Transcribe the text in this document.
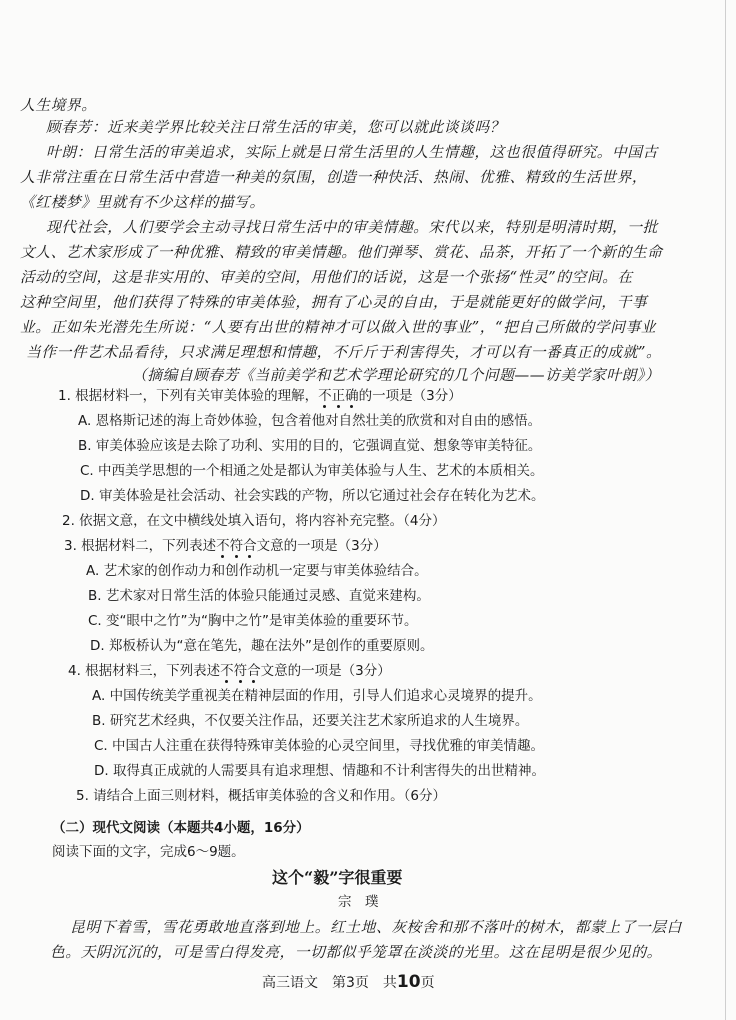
人生境界。
顾春芳：近来美学界比较关注日常生活的审美，您可以就此谈谈吗？
叶朗：日常生活的审美追求，实际上就是日常生活里的人生情趣，这也很值得研究。中国古
人非常注重在日常生活中营造一种美的氛围，创造一种快活、热闹、优雅、精致的生活世界，
《红楼梦》里就有不少这样的描写。
现代社会，人们要学会主动寻找日常生活中的审美情趣。宋代以来，特别是明清时期，一批
文人、艺术家形成了一种优雅、精致的审美情趣。他们弹琴、赏花、品茶，开拓了一个新的生命
活动的空间，这是非实用的、审美的空间，用他们的话说，这是一个张扬“性灵”的空间。在
这种空间里，他们获得了特殊的审美体验，拥有了心灵的自由，于是就能更好的做学问，干事
业。正如朱光潜先生所说：“人要有出世的精神才可以做入世的事业”，“把自己所做的学问事业
当作一件艺术品看待，只求满足理想和情趣，不斤斤于利害得失，才可以有一番真正的成就”。
（摘编自顾春芳《当前美学和艺术学理论研究的几个问题——访美学家叶朗》）
1. 根据材料一，下列有关审美体验的理解，不正确的一项是（3分）
A. 恩格斯记述的海上奇妙体验，包含着他对自然壮美的欣赏和对自由的感悟。
B. 审美体验应该是去除了功利、实用的目的，它强调直觉、想象等审美特征。
C. 中西美学思想的一个相通之处是都认为审美体验与人生、艺术的本质相关。
D. 审美体验是社会活动、社会实践的产物，所以它通过社会存在转化为艺术。
2. 依据文意，在文中横线处填入语句，将内容补充完整。（4分）
3. 根据材料二，下列表述不符合文意的一项是（3分）
A. 艺术家的创作动力和创作动机一定要与审美体验结合。
B. 艺术家对日常生活的体验只能通过灵感、直觉来建构。
C. 变“眼中之竹”为“胸中之竹”是审美体验的重要环节。
D. 郑板桥认为“意在笔先，趣在法外”是创作的重要原则。
4. 根据材料三，下列表述不符合文意的一项是（3分）
A. 中国传统美学重视美在精神层面的作用，引导人们追求心灵境界的提升。
B. 研究艺术经典，不仅要关注作品，还要关注艺术家所追求的人生境界。
C. 中国古人注重在获得特殊审美体验的心灵空间里，寻找优雅的审美情趣。
D. 取得真正成就的人需要具有追求理想、情趣和不计利害得失的出世精神。
5. 请结合上面三则材料，概括审美体验的含义和作用。（6分）
（二）现代文阅读（本题共4小题，16分）
阅读下面的文字，完成6～9题。
这个“毅”字很重要
宗　璞
昆明下着雪，雪花勇敢地直落到地上。红土地、灰桉舍和那不落叶的树木，都蒙上了一层白
色。天阴沉沉的，可是雪白得发亮，一切都似乎笼罩在淡淡的光里。这在昆明是很少见的。
高三语文　第3页　共10页
